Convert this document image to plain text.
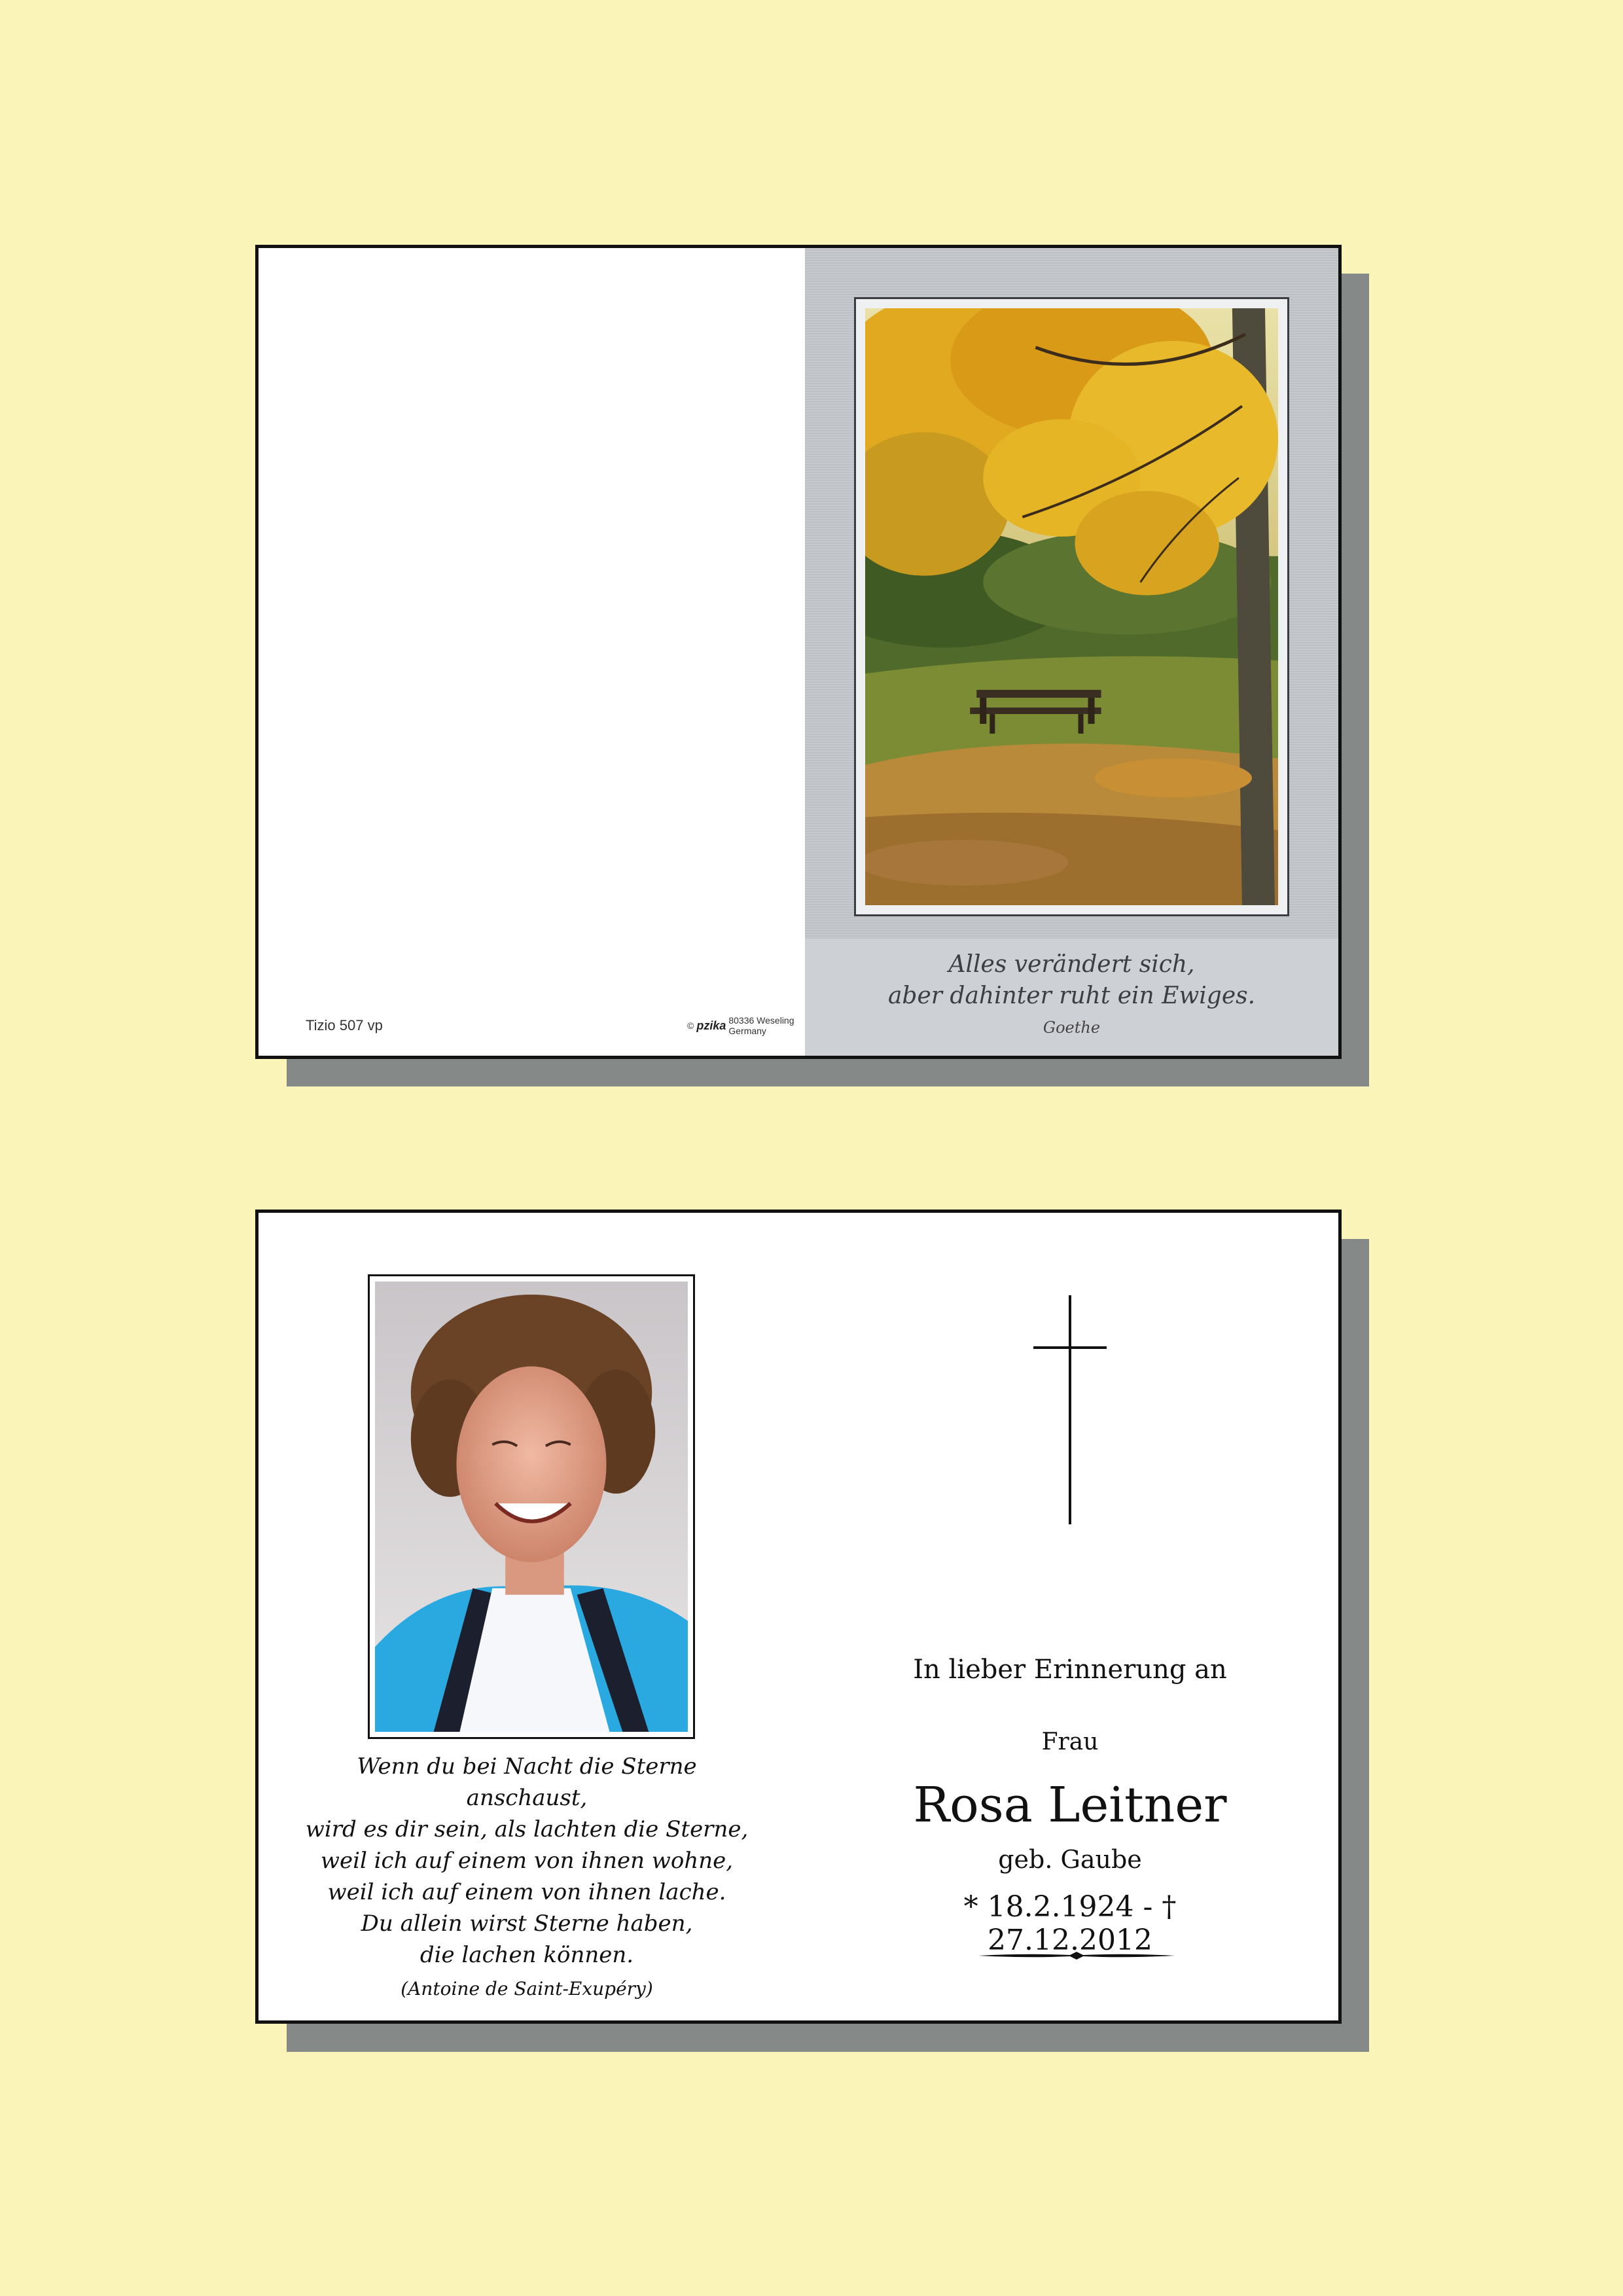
Tizio 507 vp	© pzika 80336 Weseling Germany
Alles verändert sich,
aber dahinter ruht ein Ewiges.
Goethe
Wenn du bei Nacht die Sterne anschaust,
wird es dir sein, als lachten die Sterne,
weil ich auf einem von ihnen wohne,
weil ich auf einem von ihnen lache.
Du allein wirst Sterne haben,
die lachen können.
(Antoine de Saint-Exupéry)
In lieber Erinnerung an
Frau
Rosa Leitner
geb. Gaube
* 18.2.1924 - † 27.12.2012
